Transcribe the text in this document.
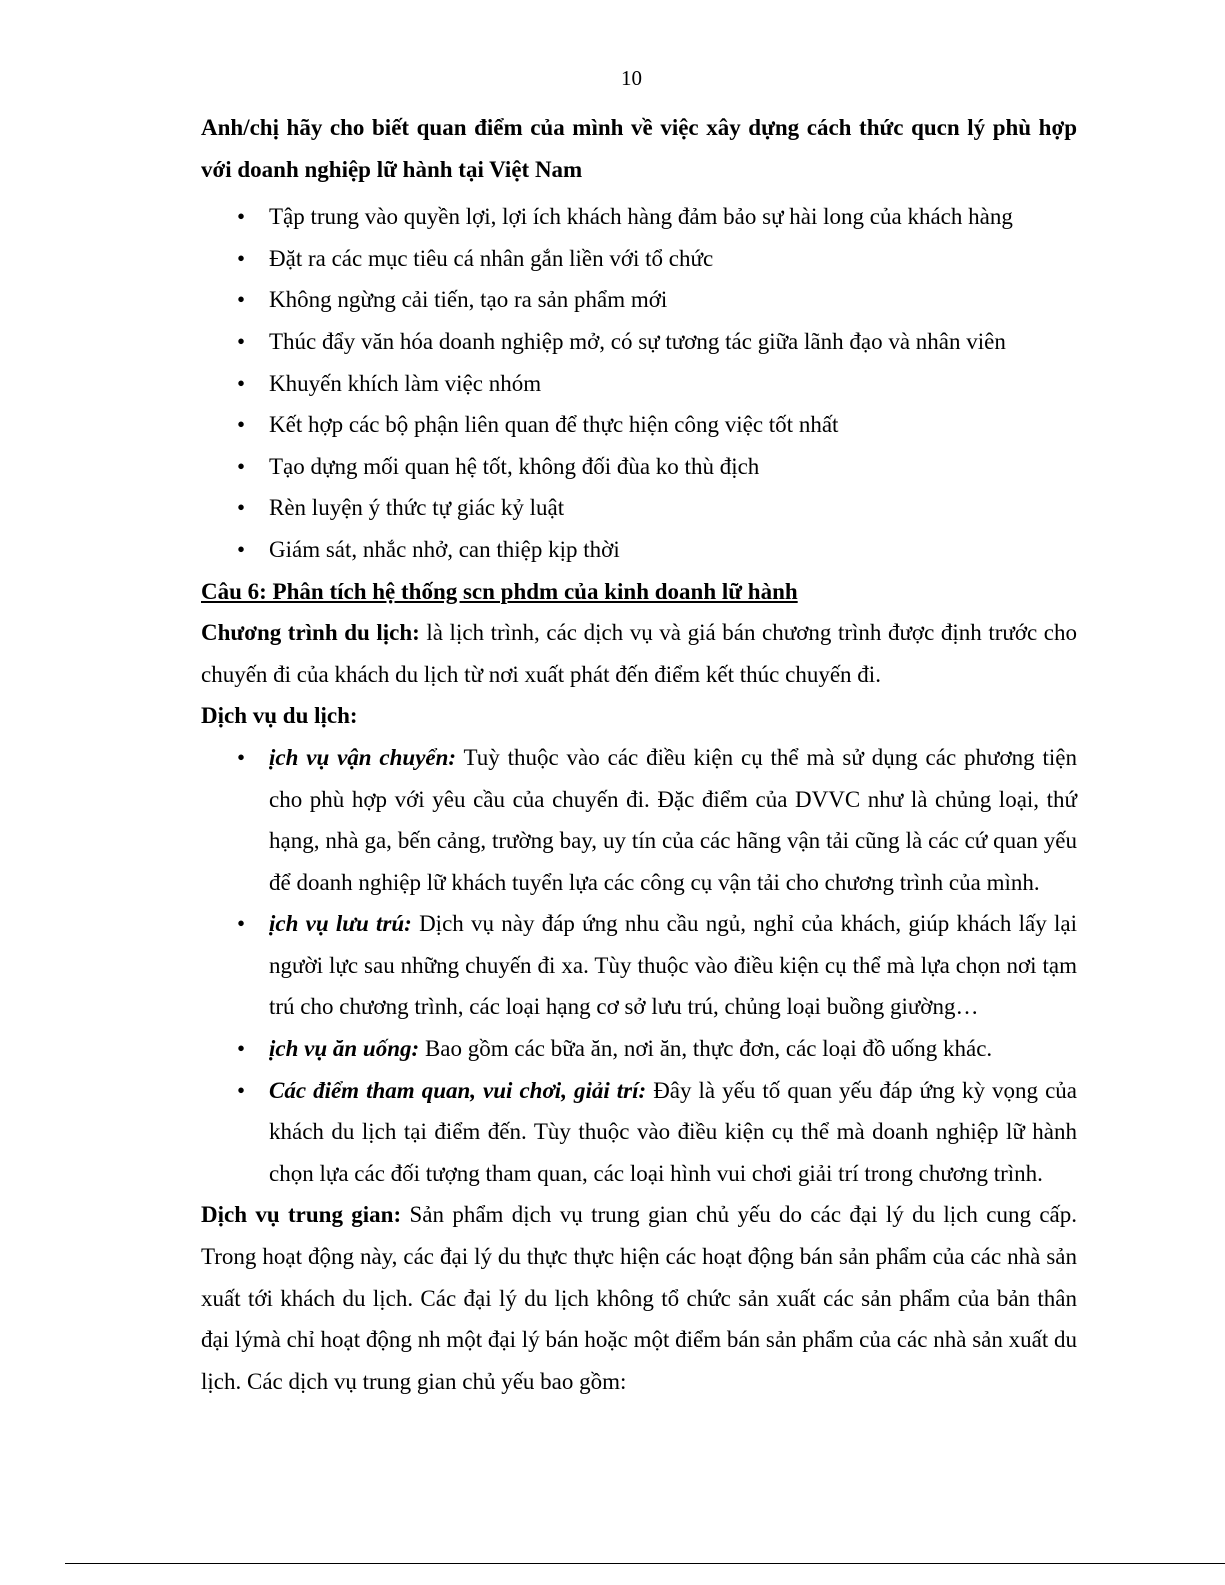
10

Anh/chị hãy cho biết quan điểm của mình về việc xây dựng cách thức qucn lý phù hợp với doanh nghiệp lữ hành tại Việt Nam

• Tập trung vào quyền lợi, lợi ích khách hàng đảm bảo sự hài long của khách hàng
• Đặt ra các mục tiêu cá nhân gắn liền với tổ chức
• Không ngừng cải tiến, tạo ra sản phẩm mới
• Thúc đẩy văn hóa doanh nghiệp mở, có sự tương tác giữa lãnh đạo và nhân viên
• Khuyến khích làm việc nhóm
• Kết hợp các bộ phận liên quan để thực hiện công việc tốt nhất
• Tạo dựng mối quan hệ tốt, không đối đùa ko thù địch
• Rèn luyện ý thức tự giác kỷ luật
• Giám sát, nhắc nhở, can thiệp kịp thời

Câu 6: Phân tích hệ thống scn phdm của kinh doanh lữ hành

Chương trình du lịch: là lịch trình, các dịch vụ và giá bán chương trình được định trước cho chuyến đi của khách du lịch từ nơi xuất phát đến điểm kết thúc chuyến đi.

Dịch vụ du lịch:

• ịch vụ vận chuyển: Tuỳ thuộc vào các điều kiện cụ thể mà sử dụng các phương tiện cho phù hợp với yêu cầu của chuyến đi. Đặc điểm của DVVC như là chủng loại, thứ hạng, nhà ga, bến cảng, trường bay, uy tín của các hãng vận tải cũng là các cứ quan yếu để doanh nghiệp lữ khách tuyển lựa các công cụ vận tải cho chương trình của mình.
• ịch vụ lưu trú: Dịch vụ này đáp ứng nhu cầu ngủ, nghỉ của khách, giúp khách lấy lại người lực sau những chuyến đi xa. Tùy thuộc vào điều kiện cụ thể mà lựa chọn nơi tạm trú cho chương trình, các loại hạng cơ sở lưu trú, chủng loại buồng giường…
• ịch vụ ăn uống: Bao gồm các bữa ăn, nơi ăn, thực đơn, các loại đồ uống khác.
• Các điểm tham quan, vui chơi, giải trí: Đây là yếu tố quan yếu đáp ứng kỳ vọng của khách du lịch tại điểm đến. Tùy thuộc vào điều kiện cụ thể mà doanh nghiệp lữ hành chọn lựa các đối tượng tham quan, các loại hình vui chơi giải trí trong chương trình.

Dịch vụ trung gian: Sản phẩm dịch vụ trung gian chủ yếu do các đại lý du lịch cung cấp. Trong hoạt động này, các đại lý du thực thực hiện các hoạt động bán sản phẩm của các nhà sản xuất tới khách du lịch. Các đại lý du lịch không tổ chức sản xuất các sản phẩm của bản thân đại lýmà chỉ hoạt động nh một đại lý bán hoặc một điểm bán sản phẩm của các nhà sản xuất du lịch. Các dịch vụ trung gian chủ yếu bao gồm:
